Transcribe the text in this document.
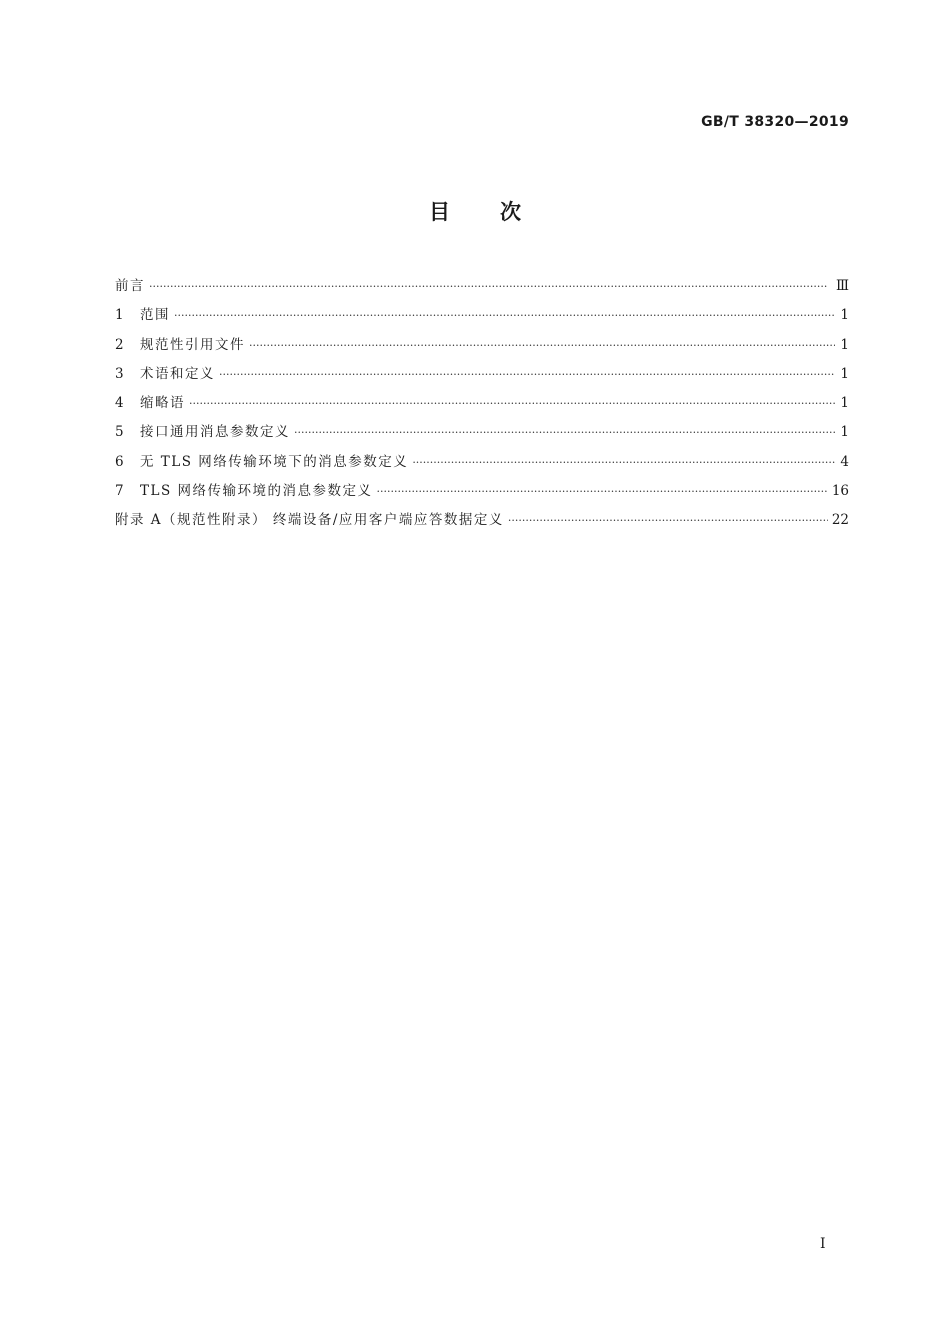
GB/T 38320—2019
目次
前言 ·····	Ⅲ
1	范围 ·····	1
2	规范性引用文件 ·····	1
3	术语和定义 ·····	1
4	缩略语 ·····	1
5	接口通用消息参数定义 ·····	1
6	无 TLS 网络传输环境下的消息参数定义 ·····	4
7	TLS 网络传输环境的消息参数定义 ·····	16
附录 A（规范性附录） 终端设备/应用客户端应答数据定义 ·····	22
I
